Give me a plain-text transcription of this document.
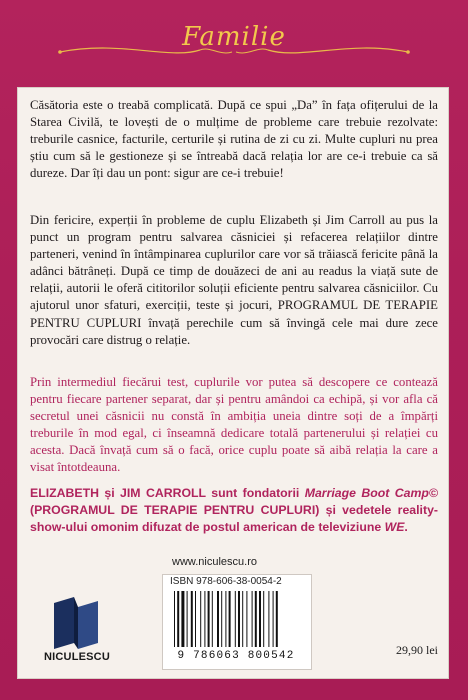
Familie
Căsătoria este o treabă complicată. După ce spui „Da” în fața ofițerului de la Starea Civilă, te lovești de o mulțime de probleme care trebuie rezolvate: treburile casnice, facturile, certurile și rutina de zi cu zi. Multe cupluri nu prea știu cum să le gestioneze și se întreabă dacă relația lor are ce-i trebuie ca să dureze. Dar îți dau un pont: sigur are ce-i trebuie!
Din fericire, experții în probleme de cuplu Elizabeth și Jim Carroll au pus la punct un program pentru salvarea căsniciei și refacerea relațiilor dintre parteneri, venind în întâmpinarea cuplurilor care vor să trăiască fericite până la adânci bătrâneți. După ce timp de douăzeci de ani au readus la viață sute de relații, autorii le oferă cititorilor soluții eficiente pentru salvarea căsniciilor. Cu ajutorul unor sfaturi, exerciții, teste și jocuri, PROGRAMUL DE TERAPIE PENTRU CUPLURI învață perechile cum să învingă cele mai dure zece provocări care distrug o relație.
Prin intermediul fiecărui test, cuplurile vor putea să descopere ce contează pentru fiecare partener separat, dar și pentru amândoi ca echipă, și vor afla că secretul unei căsnicii nu constă în ambiția uneia dintre soți de a împărți treburile în mod egal, ci înseamnă dedicare totală partenerului și relației cu acesta. Dacă învață cum să o facă, orice cuplu poate să aibă relația la care a visat întotdeauna.
ELIZABETH și JIM CARROLL sunt fondatorii Marriage Boot Camp© (PROGRAMUL DE TERAPIE PENTRU CUPLURI) și vedetele reality-show-ului omonim difuzat de postul american de televiziune WE.
NICULESCU
www.niculescu.ro
ISBN 978-606-38-0054-2
9 786063 800542	29,90 lei
